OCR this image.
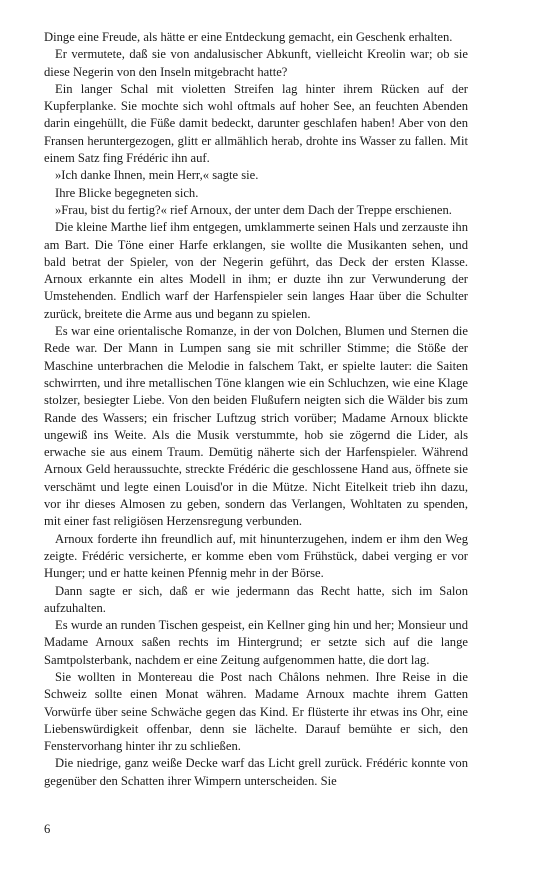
Dinge eine Freude, als hätte er eine Entdeckung gemacht, ein Geschenk erhalten.

Er vermutete, daß sie von andalusischer Abkunft, vielleicht Kreolin war; ob sie diese Negerin von den Inseln mitgebracht hatte?

Ein langer Schal mit violetten Streifen lag hinter ihrem Rücken auf der Kupferplanke. Sie mochte sich wohl oftmals auf hoher See, an feuchten Abenden darin eingehüllt, die Füße damit bedeckt, darunter geschlafen haben! Aber von den Fransen heruntergezogen, glitt er allmählich herab, drohte ins Wasser zu fallen. Mit einem Satz fing Frédéric ihn auf.

»Ich danke Ihnen, mein Herr,« sagte sie.

Ihre Blicke begegneten sich.

»Frau, bist du fertig?« rief Arnoux, der unter dem Dach der Treppe erschienen.

Die kleine Marthe lief ihm entgegen, umklammerte seinen Hals und zerzauste ihn am Bart. Die Töne einer Harfe erklangen, sie wollte die Musikanten sehen, und bald betrat der Spieler, von der Negerin geführt, das Deck der ersten Klasse. Arnoux erkannte ein altes Modell in ihm; er duzte ihn zur Verwunderung der Umstehenden. Endlich warf der Harfenspieler sein langes Haar über die Schulter zurück, breitete die Arme aus und begann zu spielen.

Es war eine orientalische Romanze, in der von Dolchen, Blumen und Sternen die Rede war. Der Mann in Lumpen sang sie mit schriller Stimme; die Stöße der Maschine unterbrachen die Melodie in falschem Takt, er spielte lauter: die Saiten schwirrten, und ihre metallischen Töne klangen wie ein Schluchzen, wie eine Klage stolzer, besiegter Liebe. Von den beiden Flußufern neigten sich die Wälder bis zum Rande des Wassers; ein frischer Luftzug strich vorüber; Madame Arnoux blickte ungewiß ins Weite. Als die Musik verstummte, hob sie zögernd die Lider, als erwache sie aus einem Traum. Demütig näherte sich der Harfenspieler. Während Arnoux Geld heraussuchte, streckte Frédéric die geschlossene Hand aus, öffnete sie verschämt und legte einen Louisd'or in die Mütze. Nicht Eitelkeit trieb ihn dazu, vor ihr dieses Almosen zu geben, sondern das Verlangen, Wohltaten zu spenden, mit einer fast religiösen Herzensregung verbunden.

Arnoux forderte ihn freundlich auf, mit hinunterzugehen, indem er ihm den Weg zeigte. Frédéric versicherte, er komme eben vom Frühstück, dabei verging er vor Hunger; und er hatte keinen Pfennig mehr in der Börse.

Dann sagte er sich, daß er wie jedermann das Recht hatte, sich im Salon aufzuhalten.

Es wurde an runden Tischen gespeist, ein Kellner ging hin und her; Monsieur und Madame Arnoux saßen rechts im Hintergrund; er setzte sich auf die lange Samtpolsterbank, nachdem er eine Zeitung aufgenommen hatte, die dort lag.

Sie wollten in Montereau die Post nach Châlons nehmen. Ihre Reise in die Schweiz sollte einen Monat währen. Madame Arnoux machte ihrem Gatten Vorwürfe über seine Schwäche gegen das Kind. Er flüsterte ihr etwas ins Ohr, eine Liebenswürdigkeit offenbar, denn sie lächelte. Darauf bemühte er sich, den Fenstervorhang hinter ihr zu schließen.

Die niedrige, ganz weiße Decke warf das Licht grell zurück. Frédéric konnte von gegenüber den Schatten ihrer Wimpern unterscheiden. Sie

6
